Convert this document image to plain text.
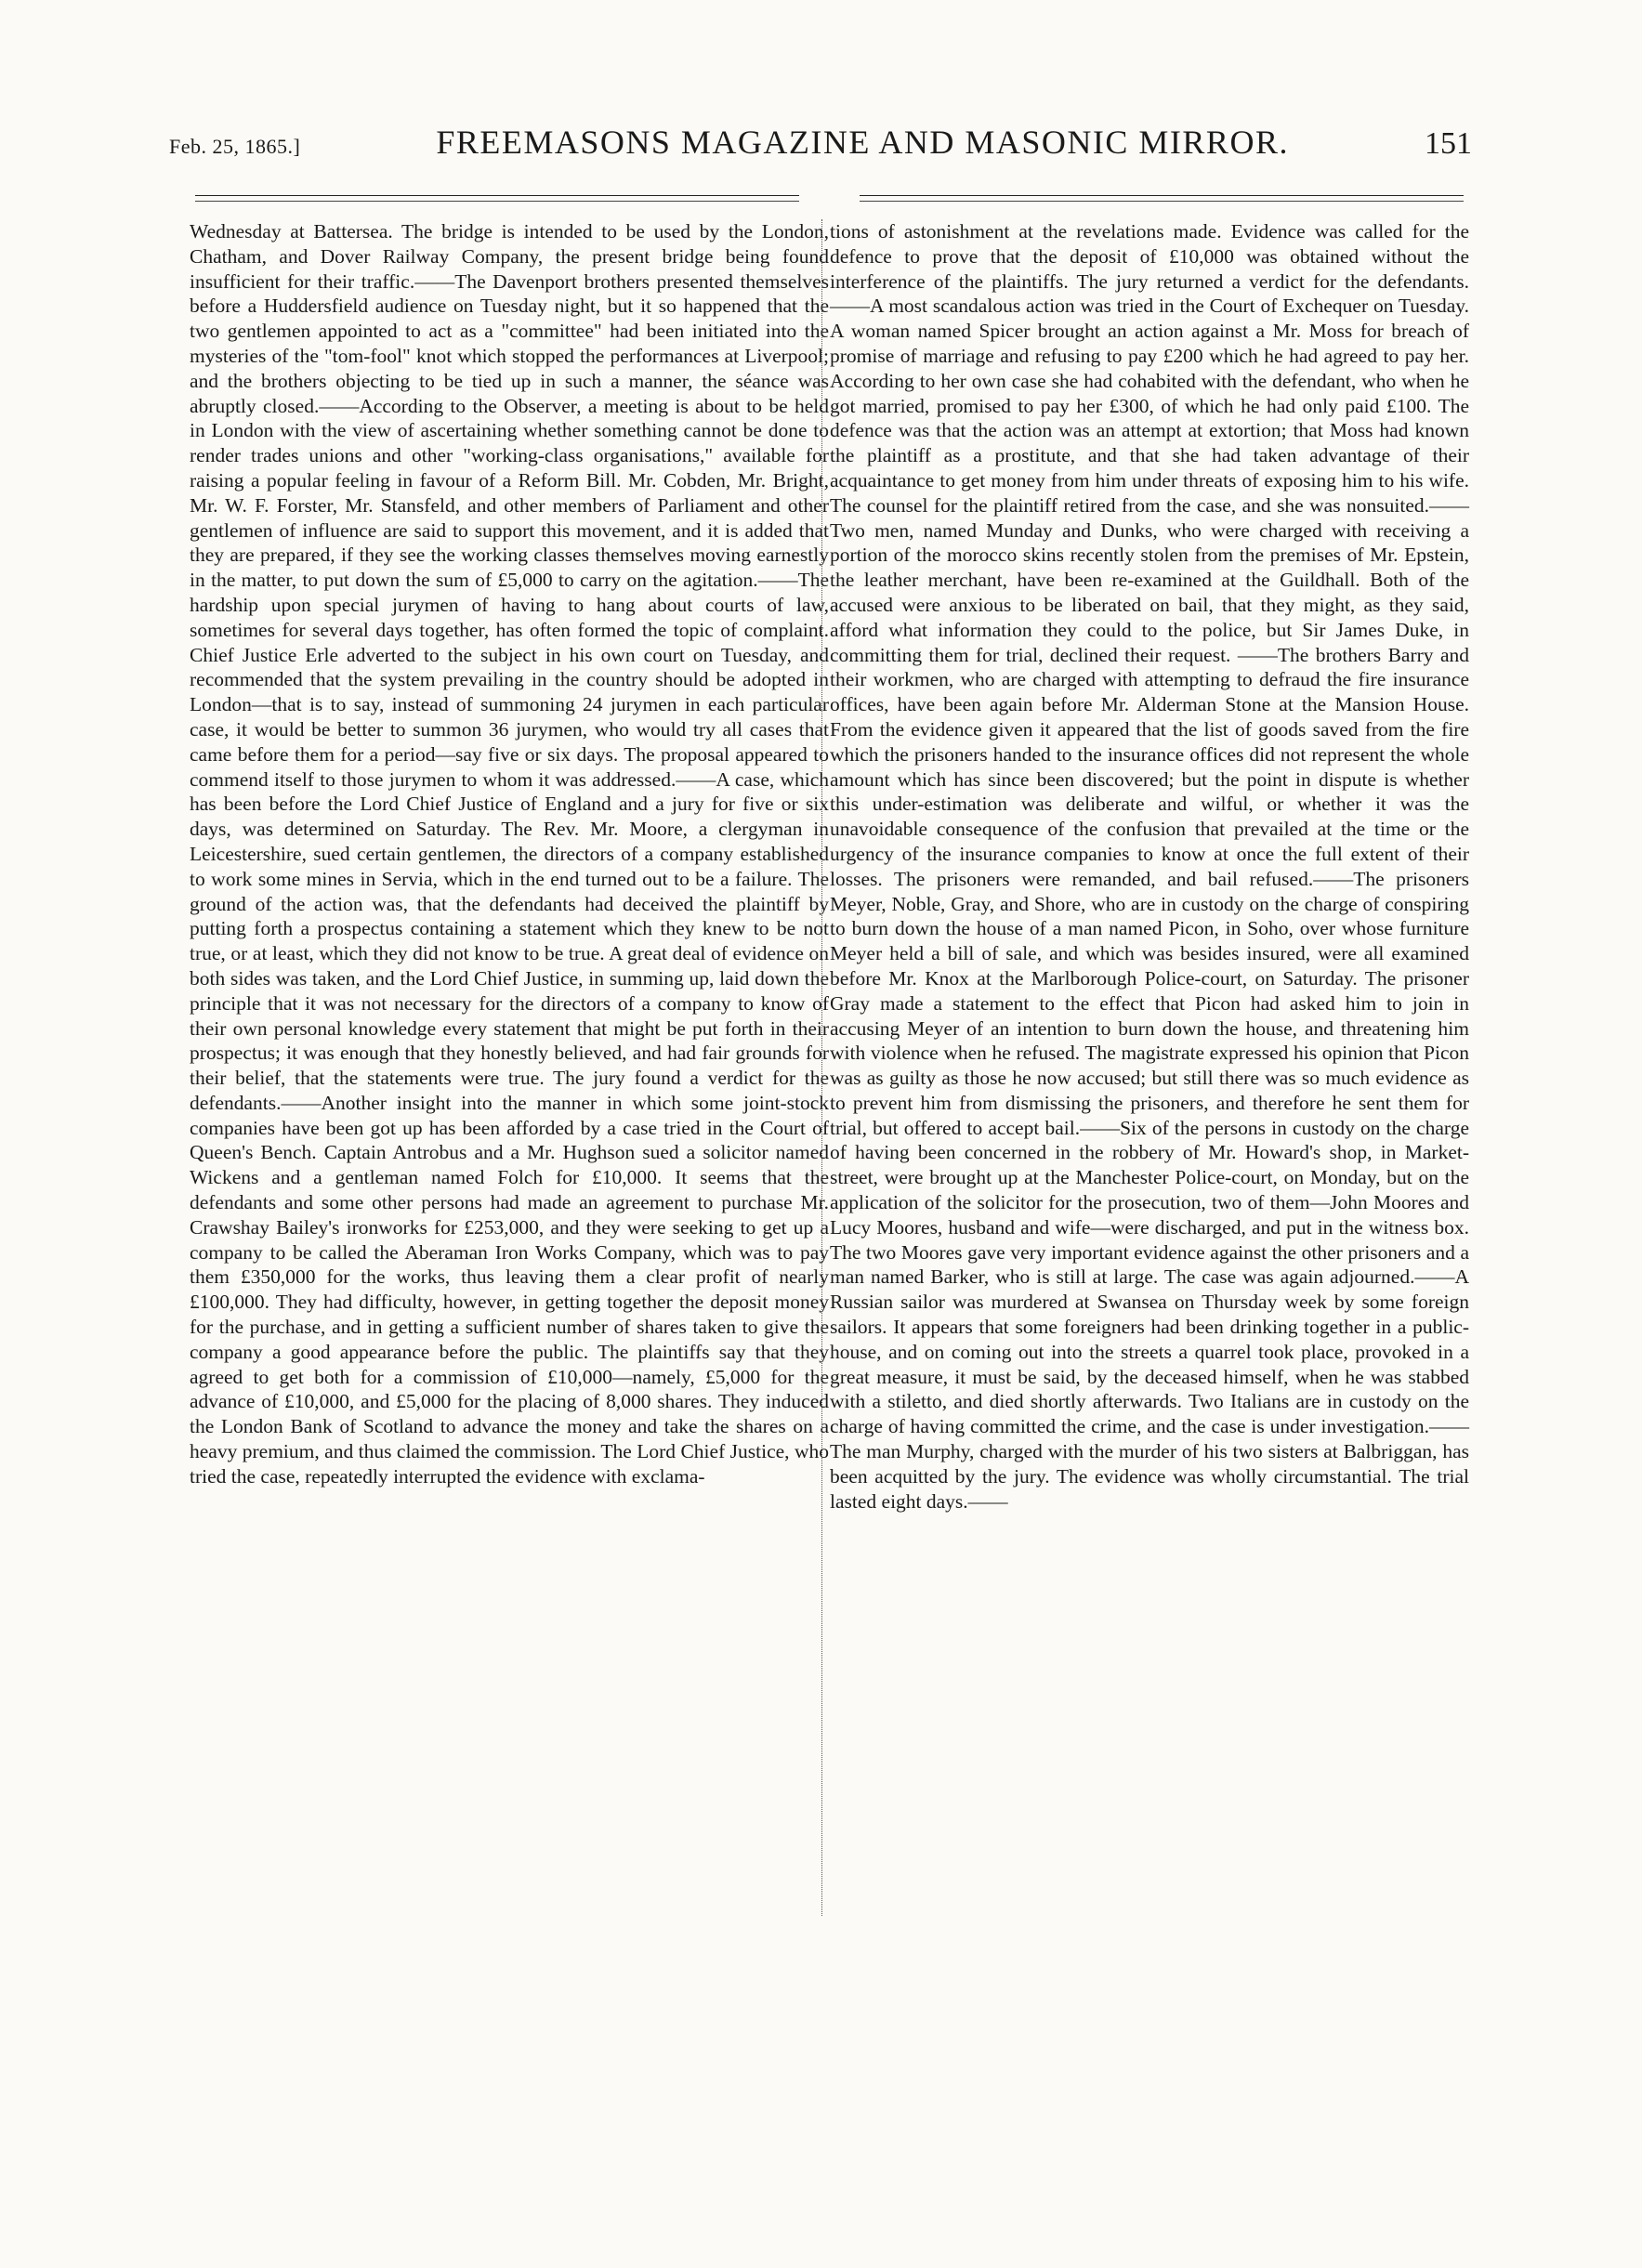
Feb. 25, 1865.]	FREEMASONS MAGAZINE AND MASONIC MIRROR.	151

Wednesday at Battersea. The bridge is intended to be used by the London, Chatham, and Dover Railway Company, the present bridge being found insufficient for their traffic.——The Davenport brothers presented themselves before a Huddersfield audience on Tuesday night, but it so happened that the two gentlemen appointed to act as a "committee" had been initiated into the mysteries of the "tom-fool" knot which stopped the performances at Liverpool; and the brothers objecting to be tied up in such a manner, the séance was abruptly closed.——According to the Observer, a meeting is about to be held in London with the view of ascertaining whether something cannot be done to render trades unions and other "working-class organisations," available for raising a popular feeling in favour of a Reform Bill. Mr. Cobden, Mr. Bright, Mr. W. F. Forster, Mr. Stansfeld, and other members of Parliament and other gentlemen of influence are said to support this movement, and it is added that they are prepared, if they see the working classes themselves moving earnestly in the matter, to put down the sum of £5,000 to carry on the agitation.——The hardship upon special jurymen of having to hang about courts of law, sometimes for several days together, has often formed the topic of complaint. Chief Justice Erle adverted to the subject in his own court on Tuesday, and recommended that the system prevailing in the country should be adopted in London—that is to say, instead of summoning 24 jurymen in each particular case, it would be better to summon 36 jurymen, who would try all cases that came before them for a period—say five or six days. The proposal appeared to commend itself to those jurymen to whom it was addressed.——A case, which has been before the Lord Chief Justice of England and a jury for five or six days, was determined on Saturday. The Rev. Mr. Moore, a clergyman in Leicestershire, sued certain gentlemen, the directors of a company established to work some mines in Servia, which in the end turned out to be a failure. The ground of the action was, that the defendants had deceived the plaintiff by putting forth a prospectus containing a statement which they knew to be not true, or at least, which they did not know to be true. A great deal of evidence on both sides was taken, and the Lord Chief Justice, in summing up, laid down the principle that it was not necessary for the directors of a company to know of their own personal knowledge every statement that might be put forth in their prospectus; it was enough that they honestly believed, and had fair grounds for their belief, that the statements were true. The jury found a verdict for the defendants.——Another insight into the manner in which some joint-stock companies have been got up has been afforded by a case tried in the Court of Queen's Bench. Captain Antrobus and a Mr. Hughson sued a solicitor named Wickens and a gentleman named Folch for £10,000. It seems that the defendants and some other persons had made an agreement to purchase Mr. Crawshay Bailey's ironworks for £253,000, and they were seeking to get up a company to be called the Aberaman Iron Works Company, which was to pay them £350,000 for the works, thus leaving them a clear profit of nearly £100,000. They had difficulty, however, in getting together the deposit money for the purchase, and in getting a sufficient number of shares taken to give the company a good appearance before the public. The plaintiffs say that they agreed to get both for a commission of £10,000—namely, £5,000 for the advance of £10,000, and £5,000 for the placing of 8,000 shares. They induced the London Bank of Scotland to advance the money and take the shares on a heavy premium, and thus claimed the commission. The Lord Chief Justice, who tried the case, repeatedly interrupted the evidence with exclama-

tions of astonishment at the revelations made. Evidence was called for the defence to prove that the deposit of £10,000 was obtained without the interference of the plaintiffs. The jury returned a verdict for the defendants.——A most scandalous action was tried in the Court of Exchequer on Tuesday. A woman named Spicer brought an action against a Mr. Moss for breach of promise of marriage and refusing to pay £200 which he had agreed to pay her. According to her own case she had cohabited with the defendant, who when he got married, promised to pay her £300, of which he had only paid £100. The defence was that the action was an attempt at extortion; that Moss had known the plaintiff as a prostitute, and that she had taken advantage of their acquaintance to get money from him under threats of exposing him to his wife. The counsel for the plaintiff retired from the case, and she was nonsuited.——Two men, named Munday and Dunks, who were charged with receiving a portion of the morocco skins recently stolen from the premises of Mr. Epstein, the leather merchant, have been re-examined at the Guildhall. Both of the accused were anxious to be liberated on bail, that they might, as they said, afford what information they could to the police, but Sir James Duke, in committing them for trial, declined their request. ——The brothers Barry and their workmen, who are charged with attempting to defraud the fire insurance offices, have been again before Mr. Alderman Stone at the Mansion House. From the evidence given it appeared that the list of goods saved from the fire which the prisoners handed to the insurance offices did not represent the whole amount which has since been discovered; but the point in dispute is whether this under-estimation was deliberate and wilful, or whether it was the unavoidable consequence of the confusion that prevailed at the time or the urgency of the insurance companies to know at once the full extent of their losses. The prisoners were remanded, and bail refused.——The prisoners Meyer, Noble, Gray, and Shore, who are in custody on the charge of conspiring to burn down the house of a man named Picon, in Soho, over whose furniture Meyer held a bill of sale, and which was besides insured, were all examined before Mr. Knox at the Marlborough Police-court, on Saturday. The prisoner Gray made a statement to the effect that Picon had asked him to join in accusing Meyer of an intention to burn down the house, and threatening him with violence when he refused. The magistrate expressed his opinion that Picon was as guilty as those he now accused; but still there was so much evidence as to prevent him from dismissing the prisoners, and therefore he sent them for trial, but offered to accept bail.——Six of the persons in custody on the charge of having been concerned in the robbery of Mr. Howard's shop, in Market-street, were brought up at the Manchester Police-court, on Monday, but on the application of the solicitor for the prosecution, two of them—John Moores and Lucy Moores, husband and wife—were discharged, and put in the witness box. The two Moores gave very important evidence against the other prisoners and a man named Barker, who is still at large. The case was again adjourned.——A Russian sailor was murdered at Swansea on Thursday week by some foreign sailors. It appears that some foreigners had been drinking together in a public-house, and on coming out into the streets a quarrel took place, provoked in a great measure, it must be said, by the deceased himself, when he was stabbed with a stiletto, and died shortly afterwards. Two Italians are in custody on the charge of having committed the crime, and the case is under investigation.——The man Murphy, charged with the murder of his two sisters at Balbriggan, has been acquitted by the jury. The evidence was wholly circumstantial. The trial lasted eight days.——
